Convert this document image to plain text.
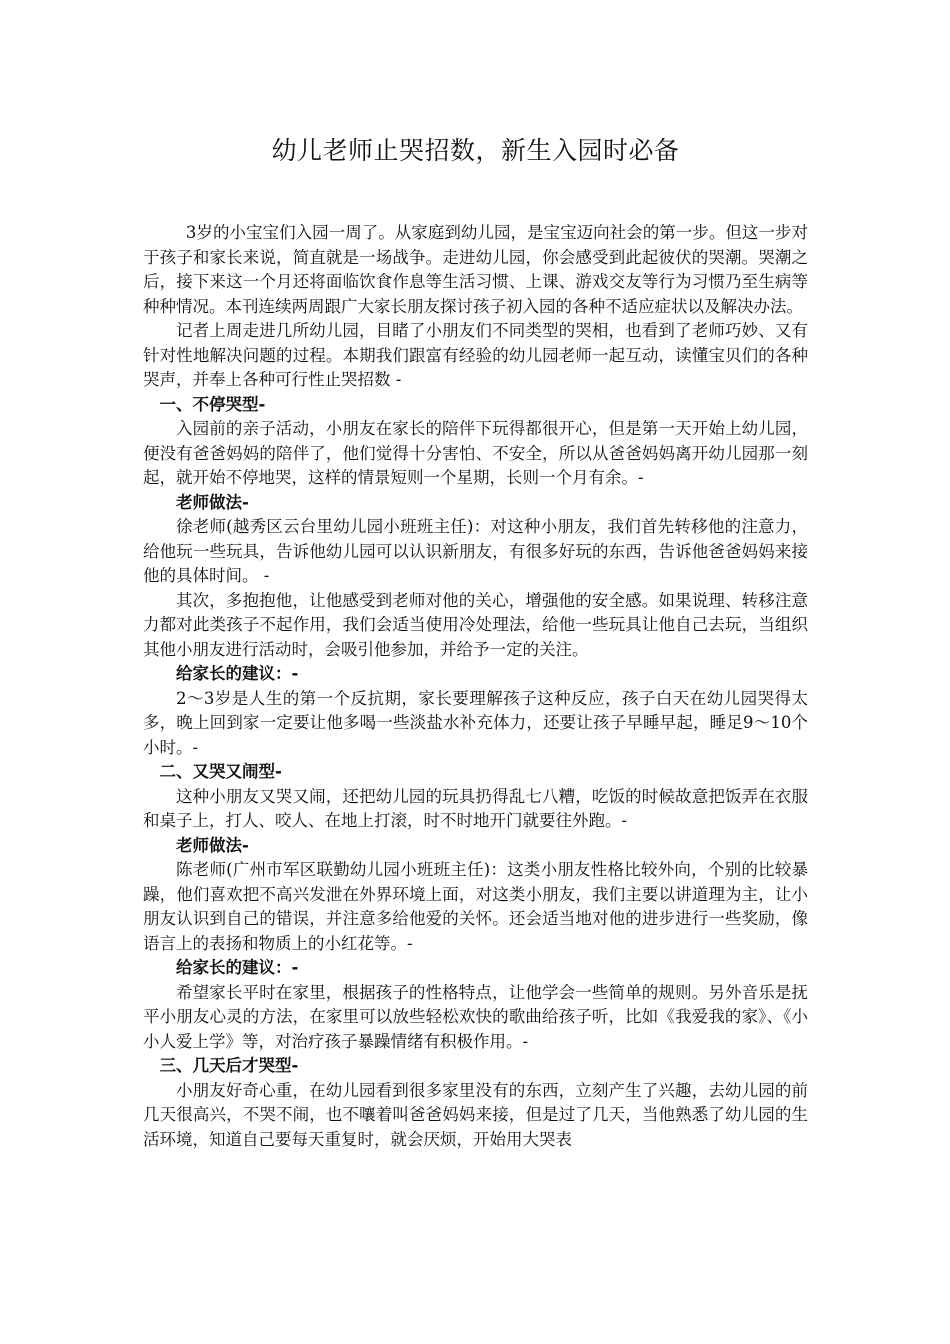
幼儿老师止哭招数，新生入园时必备

3岁的小宝宝们入园一周了。从家庭到幼儿园，是宝宝迈向社会的第一步。但这一步对于孩子和家长来说，简直就是一场战争。走进幼儿园，你会感受到此起彼伏的哭潮。哭潮之后，接下来这一个月还将面临饮食作息等生活习惯、上课、游戏交友等行为习惯乃至生病等种种情况。本刊连续两周跟广大家长朋友探讨孩子初入园的各种不适应症状以及解决办法。

记者上周走进几所幼儿园，目睹了小朋友们不同类型的哭相，也看到了老师巧妙、又有针对性地解决问题的过程。本期我们跟富有经验的幼儿园老师一起互动，读懂宝贝们的各种哭声，并奉上各种可行性止哭招数 -

一、不停哭型-

入园前的亲子活动，小朋友在家长的陪伴下玩得都很开心，但是第一天开始上幼儿园，便没有爸爸妈妈的陪伴了，他们觉得十分害怕、不安全，所以从爸爸妈妈离开幼儿园那一刻起，就开始不停地哭，这样的情景短则一个星期，长则一个月有余。-

老师做法-

徐老师(越秀区云台里幼儿园小班班主任)：对这种小朋友，我们首先转移他的注意力，给他玩一些玩具，告诉他幼儿园可以认识新朋友，有很多好玩的东西，告诉他爸爸妈妈来接他的具体时间。 -

其次，多抱抱他，让他感受到老师对他的关心，增强他的安全感。如果说理、转移注意力都对此类孩子不起作用，我们会适当使用冷处理法，给他一些玩具让他自己去玩，当组织其他小朋友进行活动时，会吸引他参加，并给予一定的关注。

给家长的建议：-

2～3岁是人生的第一个反抗期，家长要理解孩子这种反应，孩子白天在幼儿园哭得太多，晚上回到家一定要让他多喝一些淡盐水补充体力，还要让孩子早睡早起，睡足9～10个小时。-

二、又哭又闹型-

这种小朋友又哭又闹，还把幼儿园的玩具扔得乱七八糟，吃饭的时候故意把饭弄在衣服和桌子上，打人、咬人、在地上打滚，时不时地开门就要往外跑。-

老师做法-

陈老师(广州市军区联勤幼儿园小班班主任)：这类小朋友性格比较外向，个别的比较暴躁，他们喜欢把不高兴发泄在外界环境上面，对这类小朋友，我们主要以讲道理为主，让小朋友认识到自己的错误，并注意多给他爱的关怀。还会适当地对他的进步进行一些奖励，像语言上的表扬和物质上的小红花等。-

给家长的建议：-

希望家长平时在家里，根据孩子的性格特点，让他学会一些简单的规则。另外音乐是抚平小朋友心灵的方法，在家里可以放些轻松欢快的歌曲给孩子听，比如《我爱我的家》、《小小人爱上学》等，对治疗孩子暴躁情绪有积极作用。-

三、几天后才哭型-

小朋友好奇心重，在幼儿园看到很多家里没有的东西，立刻产生了兴趣，去幼儿园的前几天很高兴，不哭不闹，也不嚷着叫爸爸妈妈来接，但是过了几天，当他熟悉了幼儿园的生活环境，知道自己要每天重复时，就会厌烦，开始用大哭表
